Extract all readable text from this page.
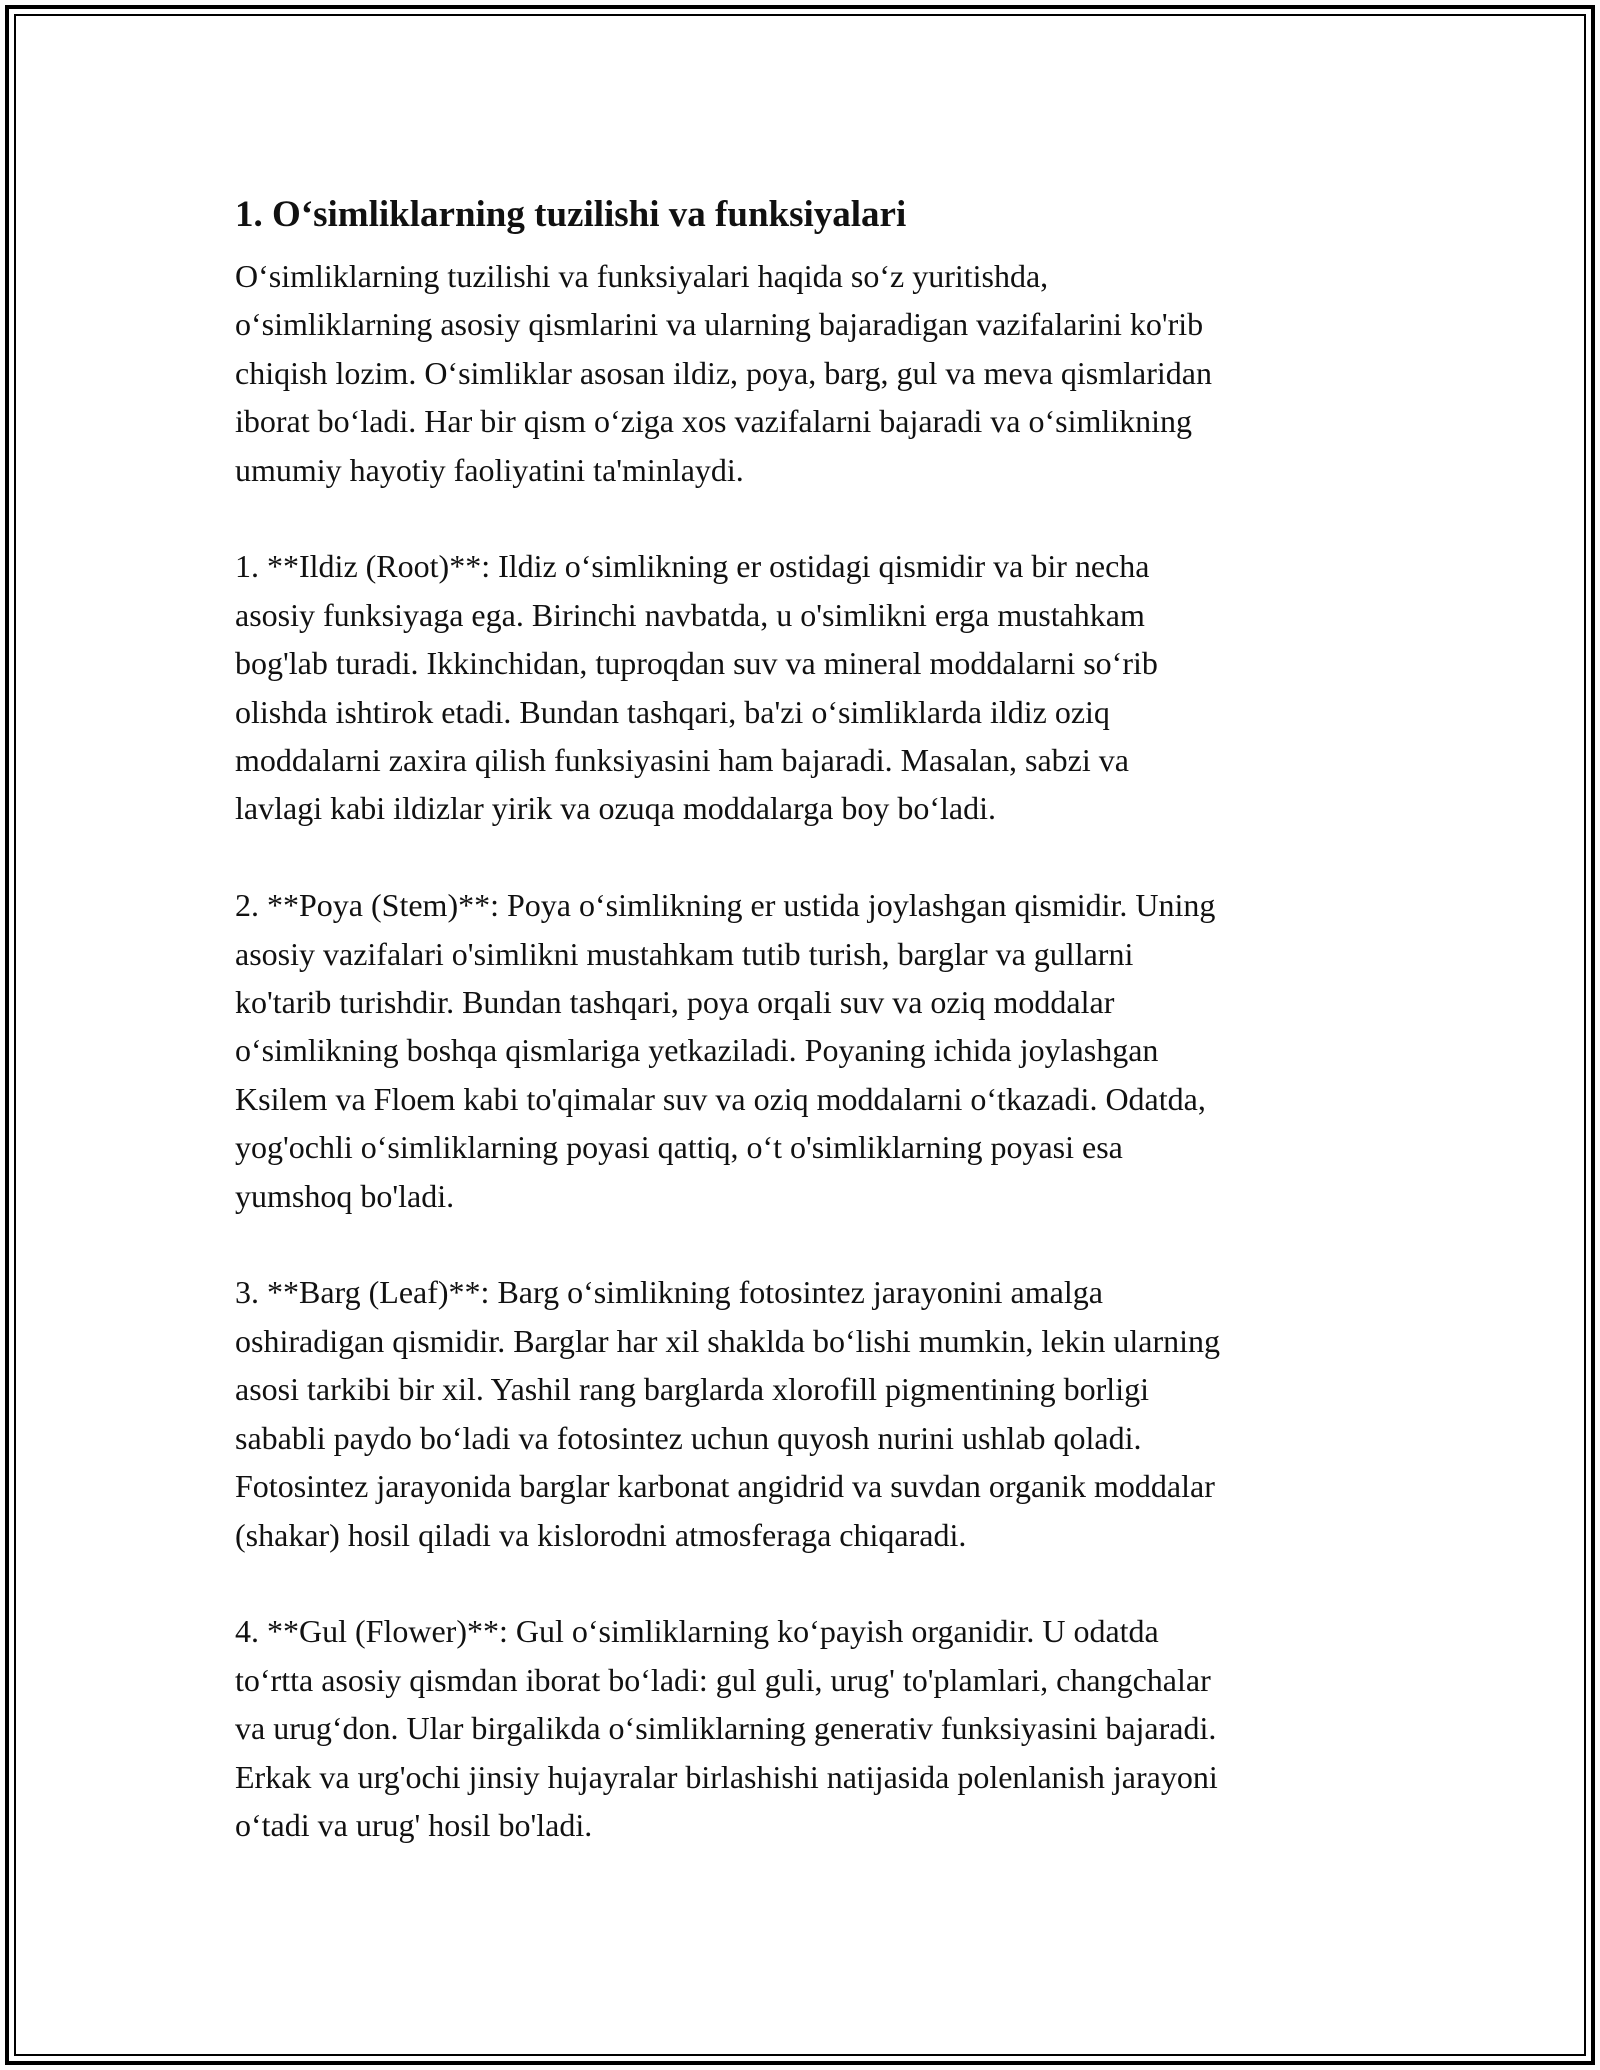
1. O‘simliklarning tuzilishi va funksiyalari

O‘simliklarning tuzilishi va funksiyalari haqida so‘z yuritishda,
o‘simliklarning asosiy qismlarini va ularning bajaradigan vazifalarini ko'rib
chiqish lozim. O‘simliklar asosan ildiz, poya, barg, gul va meva qismlaridan
iborat bo‘ladi. Har bir qism o‘ziga xos vazifalarni bajaradi va o‘simlikning
umumiy hayotiy faoliyatini ta'minlaydi.

1. **Ildiz (Root)**: Ildiz o‘simlikning er ostidagi qismidir va bir necha
asosiy funksiyaga ega. Birinchi navbatda, u o'simlikni erga mustahkam
bog'lab turadi. Ikkinchidan, tuproqdan suv va mineral moddalarni so‘rib
olishda ishtirok etadi. Bundan tashqari, ba'zi o‘simliklarda ildiz oziq
moddalarni zaxira qilish funksiyasini ham bajaradi. Masalan, sabzi va
lavlagi kabi ildizlar yirik va ozuqa moddalarga boy bo‘ladi.

2. **Poya (Stem)**: Poya o‘simlikning er ustida joylashgan qismidir. Uning
asosiy vazifalari o'simlikni mustahkam tutib turish, barglar va gullarni
ko'tarib turishdir. Bundan tashqari, poya orqali suv va oziq moddalar
o‘simlikning boshqa qismlariga yetkaziladi. Poyaning ichida joylashgan
Ksilem va Floem kabi to'qimalar suv va oziq moddalarni o‘tkazadi. Odatda,
yog'ochli o‘simliklarning poyasi qattiq, o‘t o'simliklarning poyasi esa
yumshoq bo'ladi.

3. **Barg (Leaf)**: Barg o‘simlikning fotosintez jarayonini amalga
oshiradigan qismidir. Barglar har xil shaklda bo‘lishi mumkin, lekin ularning
asosi tarkibi bir xil. Yashil rang barglarda xlorofill pigmentining borligi
sababli paydo bo‘ladi va fotosintez uchun quyosh nurini ushlab qoladi.
Fotosintez jarayonida barglar karbonat angidrid va suvdan organik moddalar
(shakar) hosil qiladi va kislorodni atmosferaga chiqaradi.

4. **Gul (Flower)**: Gul o‘simliklarning ko‘payish organidir. U odatda
to‘rtta asosiy qismdan iborat bo‘ladi: gul guli, urug' to'plamlari, changchalar
va urug‘don. Ular birgalikda o‘simliklarning generativ funksiyasini bajaradi.
Erkak va urg'ochi jinsiy hujayralar birlashishi natijasida polenlanish jarayoni
o‘tadi va urug' hosil bo'ladi.
